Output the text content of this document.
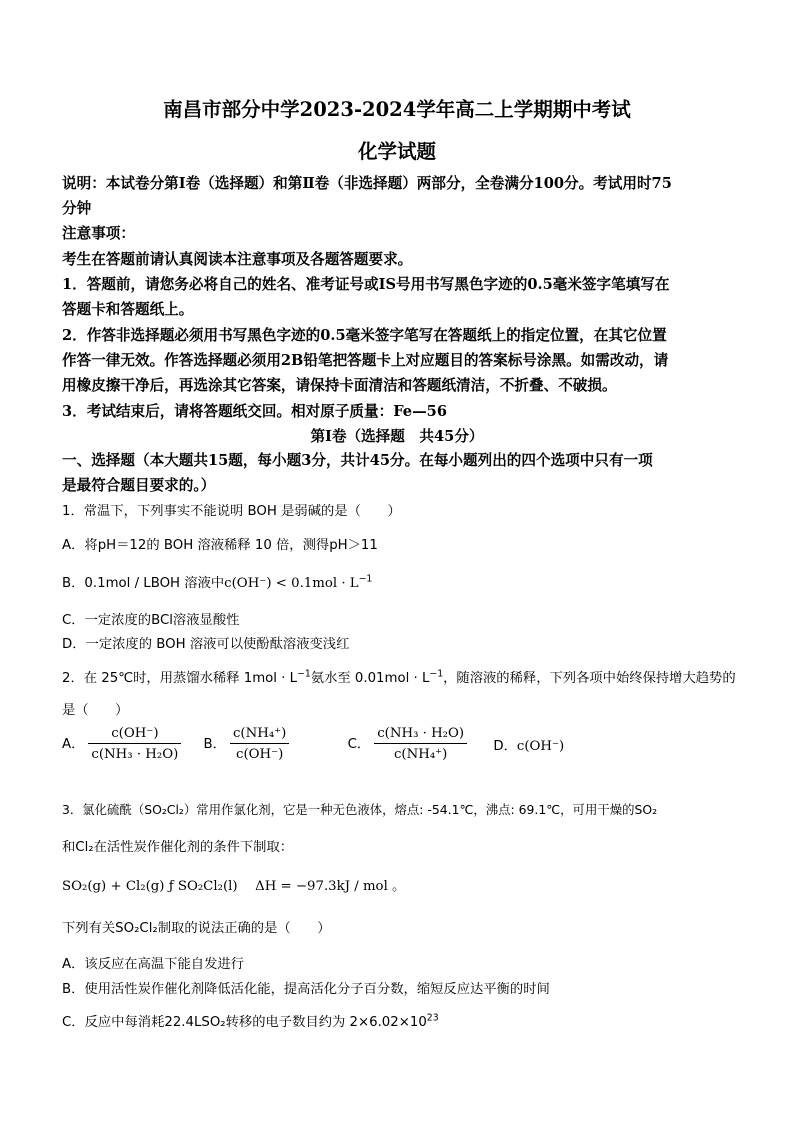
南昌市部分中学2023-2024学年高二上学期期中考试
化学试题
说明：本试卷分第Ⅰ卷（选择题）和第Ⅱ卷（非选择题）两部分，全卷满分100分。考试用时75
分钟
注意事项：
考生在答题前请认真阅读本注意事项及各题答题要求。
1．答题前，请您务必将自己的姓名、准考证号或IS号用书写黑色字迹的0.5毫米签字笔填写在
答题卡和答题纸上。
2．作答非选择题必须用书写黑色字迹的0.5毫米签字笔写在答题纸上的指定位置，在其它位置
作答一律无效。作答选择题必须用2B铅笔把答题卡上对应题目的答案标号涂黑。如需改动，请
用橡皮擦干净后，再选涂其它答案，请保持卡面清洁和答题纸清洁，不折叠、不破损。
3．考试结束后，请将答题纸交回。相对原子质量：Fe—56
第Ⅰ卷（选择题　共45分）
一、选择题（本大题共15题，每小题3分，共计45分。在每小题列出的四个选项中只有一项
是最符合题目要求的。）
1．常温下，下列事实不能说明 BOH 是弱碱的是（　　）
A．将pH＝12的 BOH 溶液稀释 10 倍，测得pH＞11
B．0.1mol / LBOH 溶液中$c(OH^-) < 0.1mol \cdot L^{-1}$
C．一定浓度的BCl溶液显酸性
D．一定浓度的 BOH 溶液可以使酚酞溶液变浅红
2．在 25℃时，用蒸馏水稀释 $1mol \cdot L^{-1}$氨水至 $0.01mol \cdot L^{-1}$，随溶液的稀释，下列各项中始终保持增大趋势的
是（　　）
A． $\frac{c(OH^-)}{\text{c(NH₃ · H₂O)}}$ B． $\frac{\text{c(NH₄⁺)}}{c(OH^-)}$	C． $\frac{\text{c(NH₃ · H₂O)}}{\text{c(NH₄⁺)}}$ D．c(OH⁻)
3．氯化硫酰（SO₂Cl₂）常用作氯化剂，它是一种无色液体，熔点: -54.1℃，沸点: 69.1℃，可用干燥的SO₂
和Cl₂在活性炭作催化剂的条件下制取：
SO₂(g) + Cl₂(g) ƒ SO₂Cl₂(l)　 ΔH = −97.3kJ / mol 。
下列有关SO₂Cl₂制取的说法正确的是（　　）
A．该反应在高温下能自发进行
B．使用活性炭作催化剂降低活化能，提高活化分子百分数，缩短反应达平衡的时间
C．反应中每消耗22.4LSO₂转移的电子数目约为 $2\times 6.02\times 10^{23}$
